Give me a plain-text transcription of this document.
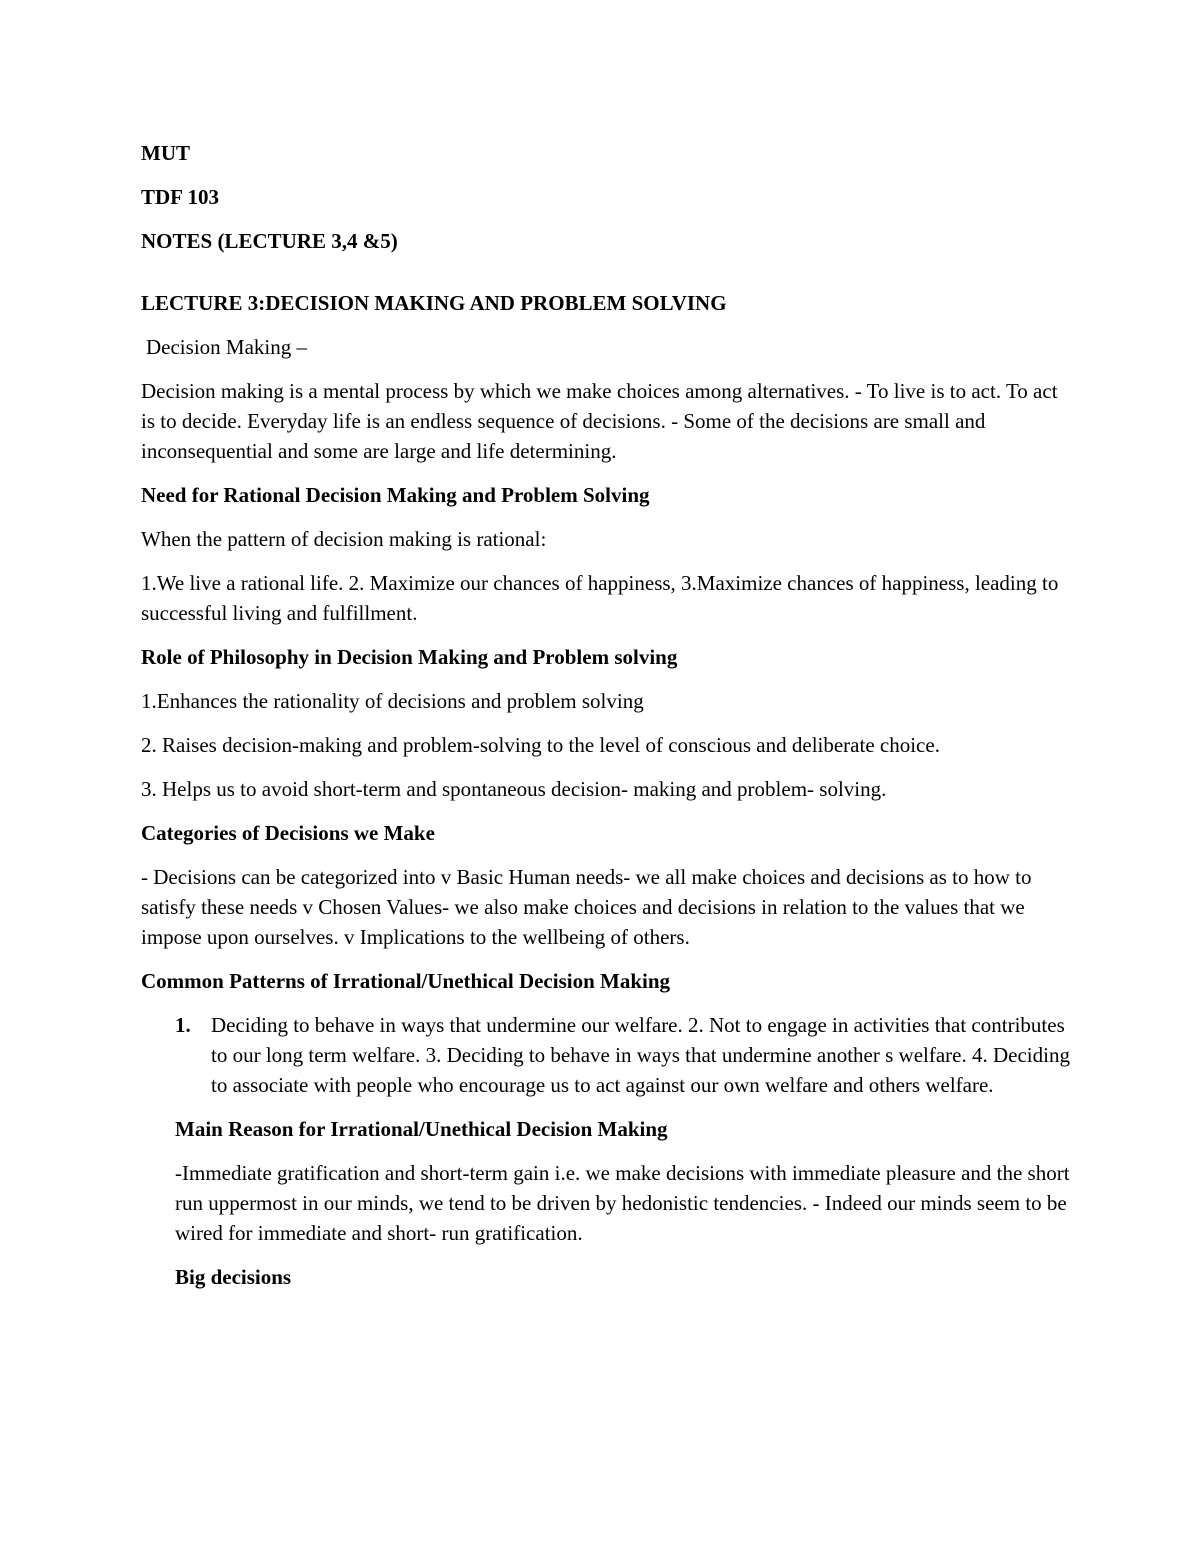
MUT

TDF 103

NOTES (LECTURE 3,4 &5)

LECTURE 3:DECISION MAKING AND PROBLEM SOLVING

Decision Making –

Decision making is a mental process by which we make choices among alternatives. - To live is to act. To act is to decide. Everyday life is an endless sequence of decisions. - Some of the decisions are small and inconsequential and some are large and life determining.

Need for Rational Decision Making and Problem Solving

When the pattern of decision making is rational:

1.We live a rational life. 2. Maximize our chances of happiness, 3.Maximize chances of happiness, leading to successful living and fulfillment.

Role of Philosophy in Decision Making and Problem solving

1.Enhances the rationality of decisions and problem solving

2. Raises decision-making and problem-solving to the level of conscious and deliberate choice.

3. Helps us to avoid short-term and spontaneous decision- making and problem- solving.

Categories of Decisions we Make

- Decisions can be categorized into v Basic Human needs- we all make choices and decisions as to how to satisfy these needs v Chosen Values- we also make choices and decisions in relation to the values that we impose upon ourselves. v Implications to the wellbeing of others.

Common Patterns of Irrational/Unethical Decision Making

1. Deciding to behave in ways that undermine our welfare. 2. Not to engage in activities that contributes to our long term welfare. 3. Deciding to behave in ways that undermine another s welfare. 4. Deciding to associate with people who encourage us to act against our own welfare and others welfare.

Main Reason for Irrational/Unethical Decision Making

-Immediate gratification and short-term gain i.e. we make decisions with immediate pleasure and the short run uppermost in our minds, we tend to be driven by hedonistic tendencies. - Indeed our minds seem to be wired for immediate and short- run gratification.

Big decisions
